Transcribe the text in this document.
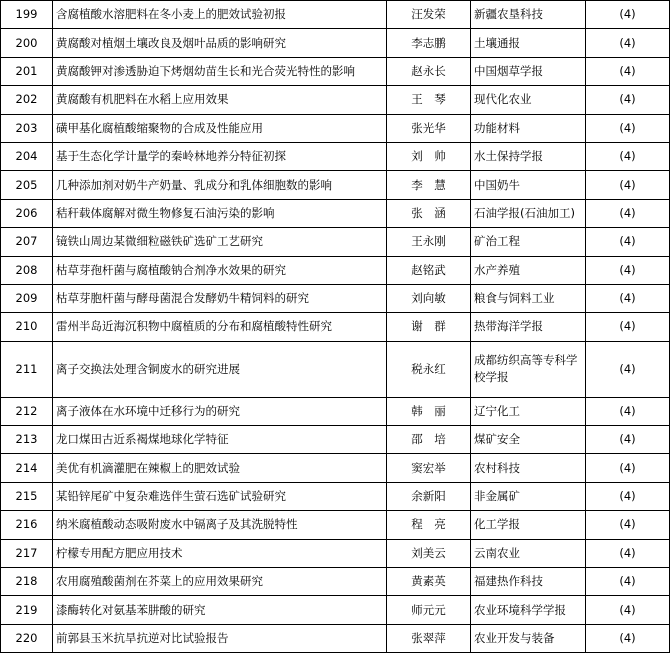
199	含腐植酸水溶肥料在冬小麦上的肥效试验初报	汪发荣	新疆农垦科技	(4)
200	黄腐酸对植烟土壤改良及烟叶品质的影响研究	李志鹏	土壤通报	(4)
201	黄腐酸钾对渗透胁迫下烤烟幼苗生长和光合荧光特性的影响	赵永长	中国烟草学报	(4)
202	黄腐酸有机肥料在水稻上应用效果	王　琴	现代化农业	(4)
203	磺甲基化腐植酸缩聚物的合成及性能应用	张光华	功能材料	(4)
204	基于生态化学计量学的秦岭林地养分特征初探	刘　帅	水土保持学报	(4)
205	几种添加剂对奶牛产奶量、乳成分和乳体细胞数的影响	李　慧	中国奶牛	(4)
206	秸秆载体腐解对微生物修复石油污染的影响	张　涵	石油学报(石油加工)	(4)
207	镜铁山周边某微细粒磁铁矿选矿工艺研究	王永刚	矿治工程	(4)
208	枯草芽孢杆菌与腐植酸钠合剂净水效果的研究	赵铭武	水产养殖	(4)
209	枯草芽胞杆菌与酵母菌混合发酵奶牛精饲料的研究	刘向敏	粮食与饲料工业	(4)
210	雷州半岛近海沉积物中腐植质的分布和腐植酸特性研究	谢　群	热带海洋学报	(4)
211	离子交换法处理含铜废水的研究进展	税永红	成都纺织高等专科学校学报	(4)
212	离子液体在水环境中迁移行为的研究	韩　丽	辽宁化工	(4)
213	龙口煤田古近系褐煤地球化学特征	邵　培	煤矿安全	(4)
214	美优有机滴灌肥在辣椒上的肥效试验	窦宏举	农村科技	(4)
215	某铅锌尾矿中复杂难选伴生萤石选矿试验研究	余新阳	非金属矿	(4)
216	纳米腐植酸动态吸附废水中镉离子及其洗脱特性	程　亮	化工学报	(4)
217	柠檬专用配方肥应用技术	刘美云	云南农业	(4)
218	农用腐殖酸菌剂在芥菜上的应用效果研究	黄素英	福建热作科技	(4)
219	漆酶转化对氨基苯肼酸的研究	师元元	农业环境科学学报	(4)
220	前郭县玉米抗旱抗逆对比试验报告	张翠萍	农业开发与装备	(4)
